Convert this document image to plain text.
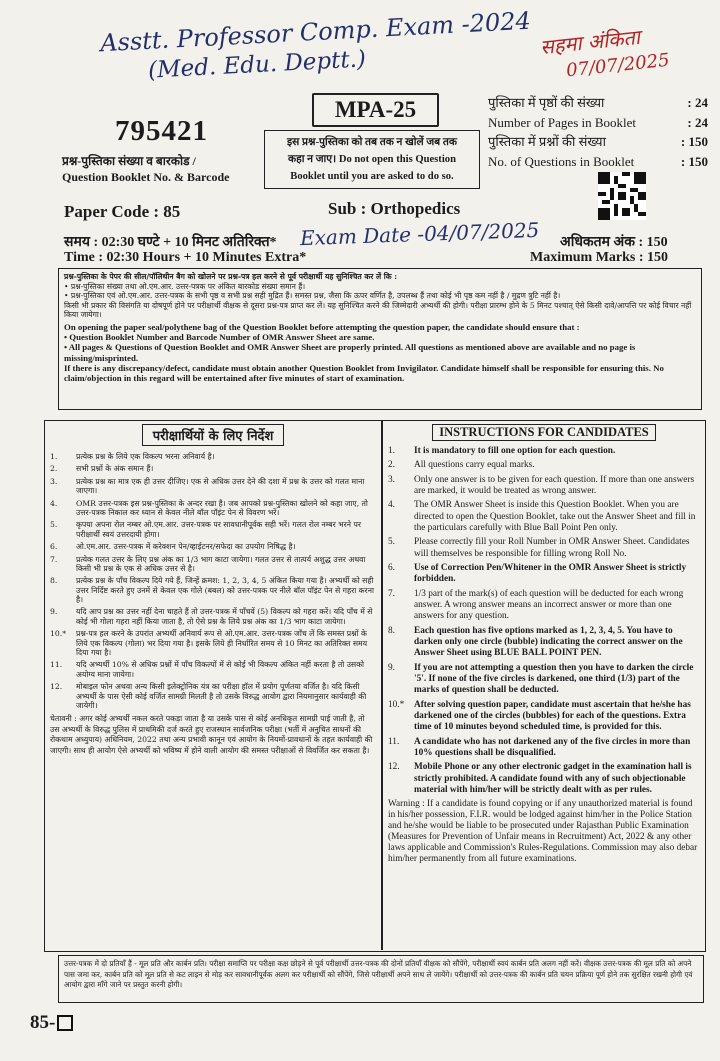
Asstt. Professor Comp. Exam -2024
(Med. Edu. Deptt.)
सहमा अंकिता
07/07/2025
795421
प्रश्न-पुस्तिका संख्या व बारकोड /
Question Booklet No. & Barcode
MPA-25
इस प्रश्न-पुस्तिका को तब तक न खोलें जब तक
कहा न जाए। Do not open this Question
Booklet until you are asked to do so.
पुस्तिका में पृष्ठों की संख्या	: 24
Number of Pages in Booklet	: 24
पुस्तिका में प्रश्नों की संख्या	: 150
No. of Questions in Booklet	: 150
Paper Code : 85	Sub : Orthopedics
समय : 02:30 घण्टे + 10 मिनट अतिरिक्त* Exam Date -04/07/2025
Time : 02:30 Hours + 10 Minutes Extra*
अधिकतम अंक : 150
Maximum Marks : 150
प्रश्न-पुस्तिका के पेपर की सील/पॉलिथीन बैग को खोलने पर प्रश्न-पत्र हल करने से पूर्व परीक्षार्थी यह सुनिश्चित कर लें कि :
• प्रश्न-पुस्तिका संख्या तथा ओ.एम.आर. उत्तर-पत्रक पर अंकित बारकोड संख्या समान हैं।
• प्रश्न-पुस्तिका एवं ओ.एम.आर. उत्तर-पत्रक के सभी पृष्ठ व सभी प्रश्न सही मुद्रित हैं। समस्त प्रश्न, जैसा कि ऊपर वर्णित है, उपलब्ध हैं तथा कोई भी पृष्ठ कम नहीं है / मुद्रण त्रुटि नहीं है।
किसी भी प्रकार की विसंगति या दोषपूर्ण होने पर परीक्षार्थी वीक्षक से दूसरा प्रश्न-पत्र प्राप्त कर लें। यह सुनिश्चित करने की जिम्मेदारी अभ्यर्थी की होगी। परीक्षा प्रारम्भ होने के 5 मिनट पश्चात् ऐसे किसी दावे/आपत्ति पर कोई विचार नहीं किया जायेगा।
On opening the paper seal/polythene bag of the Question Booklet before attempting the question paper, the candidate should ensure that :
• Question Booklet Number and Barcode Number of OMR Answer Sheet are same.
• All pages & Questions of Question Booklet and OMR Answer Sheet are properly printed. All questions as mentioned above are available and no page is missing/misprinted.
If there is any discrepancy/defect, candidate must obtain another Question Booklet from Invigilator. Candidate himself shall be responsible for ensuring this. No claim/objection in this regard will be entertained after five minutes of start of examination.
परीक्षार्थियों के लिए निर्देश
1.	प्रत्येक प्रश्न के लिये एक विकल्प भरना अनिवार्य है।
2.	सभी प्रश्नों के अंक समान हैं।
3.	प्रत्येक प्रश्न का मात्र एक ही उत्तर दीजिए। एक से अधिक उत्तर देने की दशा में प्रश्न के उत्तर को गलत माना जाएगा।
4.	OMR उत्तर-पत्रक इस प्रश्न-पुस्तिका के अन्दर रखा है। जब आपको प्रश्न-पुस्तिका खोलने को कहा जाए, तो उत्तर-पत्रक निकाल कर ध्यान से केवल नीले बॉल पॉइंट पेन से विवरण भरें।
5.	कृपया अपना रोल नम्बर ओ.एम.आर. उत्तर-पत्रक पर सावधानीपूर्वक सही भरें। गलत रोल नम्बर भरने पर परीक्षार्थी स्वयं उत्तरदायी होगा।
6.	ओ.एम.आर. उत्तर-पत्रक में करेक्शन पेन/व्हाईटनर/सफेदा का उपयोग निषिद्ध है।
7.	प्रत्येक गलत उत्तर के लिए प्रश्न अंक का 1/3 भाग काटा जायेगा। गलत उत्तर से तात्पर्य अशुद्ध उत्तर अथवा किसी भी प्रश्न के एक से अधिक उत्तर से है।
8.	प्रत्येक प्रश्न के पाँच विकल्प दिये गये हैं, जिन्हें क्रमश: 1, 2, 3, 4, 5 अंकित किया गया है। अभ्यर्थी को सही उत्तर निर्दिष्ट करते हुए उनमें से केवल एक गोले (बबल) को उत्तर-पत्रक पर नीले बॉल पॉइंट पेन से गहरा करना है।
9.	यदि आप प्रश्न का उत्तर नहीं देना चाहते हैं तो उत्तर-पत्रक में पाँचवें (5) विकल्प को गहरा करें। यदि पाँच में से कोई भी गोला गहरा नहीं किया जाता है, तो ऐसे प्रश्न के लिये प्रश्न अंक का 1/3 भाग काटा जायेगा।
10.*	प्रश्न-पत्र हल करने के उपरांत अभ्यर्थी अनिवार्य रूप से ओ.एम.आर. उत्तर-पत्रक जाँच लें कि समस्त प्रश्नों के लिये एक विकल्प (गोला) भर दिया गया है। इसके लिये ही निर्धारित समय से 10 मिनट का अतिरिक्त समय दिया गया है।
11.	यदि अभ्यर्थी 10% से अधिक प्रश्नों में पाँच विकल्पों में से कोई भी विकल्प अंकित नहीं करता है तो उसको अयोग्य माना जायेगा।
12.	मोबाइल फोन अथवा अन्य किसी इलेक्ट्रोनिक यंत्र का परीक्षा हॉल में प्रयोग पूर्णतया वर्जित है। यदि किसी अभ्यर्थी के पास ऐसी कोई वर्जित सामग्री मिलती है तो उसके विरुद्ध आयोग द्वारा नियमानुसार कार्यवाही की जायेगी।
चेतावनी : अगर कोई अभ्यर्थी नकल करते पकड़ा जाता है या उसके पास से कोई अनधिकृत सामग्री पाई जाती है, तो उस अभ्यर्थी के विरुद्ध पुलिस में प्राथमिकी दर्ज करते हुए राजस्थान सार्वजनिक परीक्षा (भर्ती में अनुचित साधनों की रोकथाम अध्युपाय) अधिनियम, 2022 तथा अन्य प्रभावी कानून एवं आयोग के नियमों-प्रावधानों के तहत कार्यवाही की जाएगी। साथ ही आयोग ऐसे अभ्यर्थी को भविष्य में होने वाली आयोग की समस्त परीक्षाओं से विवर्जित कर सकता है।
INSTRUCTIONS FOR CANDIDATES
1.	It is mandatory to fill one option for each question.
2.	All questions carry equal marks.
3.	Only one answer is to be given for each question. If more than one answers are marked, it would be treated as wrong answer.
4.	The OMR Answer Sheet is inside this Question Booklet. When you are directed to open the Question Booklet, take out the Answer Sheet and fill in the particulars carefully with Blue Ball Point Pen only.
5.	Please correctly fill your Roll Number in OMR Answer Sheet. Candidates will themselves be responsible for filling wrong Roll No.
6.	Use of Correction Pen/Whitener in the OMR Answer Sheet is strictly forbidden.
7.	1/3 part of the mark(s) of each question will be deducted for each wrong answer. A wrong answer means an incorrect answer or more than one answers for any question.
8.	Each question has five options marked as 1, 2, 3, 4, 5. You have to darken only one circle (bubble) indicating the correct answer on the Answer Sheet using BLUE BALL POINT PEN.
9.	If you are not attempting a question then you have to darken the circle '5'. If none of the five circles is darkened, one third (1/3) part of the marks of question shall be deducted.
10.*	After solving question paper, candidate must ascertain that he/she has darkened one of the circles (bubbles) for each of the questions. Extra time of 10 minutes beyond scheduled time, is provided for this.
11.	A candidate who has not darkened any of the five circles in more than 10% questions shall be disqualified.
12.	Mobile Phone or any other electronic gadget in the examination hall is strictly prohibited. A candidate found with any of such objectionable material with him/her will be strictly dealt with as per rules.
Warning : If a candidate is found copying or if any unauthorized material is found in his/her possession, F.I.R. would be lodged against him/her in the Police Station and he/she would be liable to be prosecuted under Rajasthan Public Examination (Measures for Prevention of Unfair means in Recruitment) Act, 2022 & any other laws applicable and Commission's Rules-Regulations. Commission may also debar him/her permanently from all future examinations.
उत्तर-पत्रक में दो प्रतियाँ हैं - मूल प्रति और कार्बन प्रति। परीक्षा समाप्ति पर परीक्षा कक्ष छोड़ने से पूर्व परीक्षार्थी उत्तर-पत्रक की दोनों प्रतियाँ वीक्षक को सौंपेंगे, परीक्षार्थी स्वयं कार्बन प्रति अलग नहीं करें। वीक्षक उत्तर-पत्रक की मूल प्रति को अपने पास जमा कर, कार्बन प्रति को मूल प्रति से कट लाइन से मोड़ कर सावधानीपूर्वक अलग कर परीक्षार्थी को सौंपेंगे, जिसे परीक्षार्थी अपने साथ ले जायेंगे। परीक्षार्थी को उत्तर-पत्रक की कार्बन प्रति चयन प्रक्रिया पूर्ण होने तक सुरक्षित रखनी होगी एवं आयोग द्वारा माँगे जाने पर प्रस्तुत करनी होगी।
85-
